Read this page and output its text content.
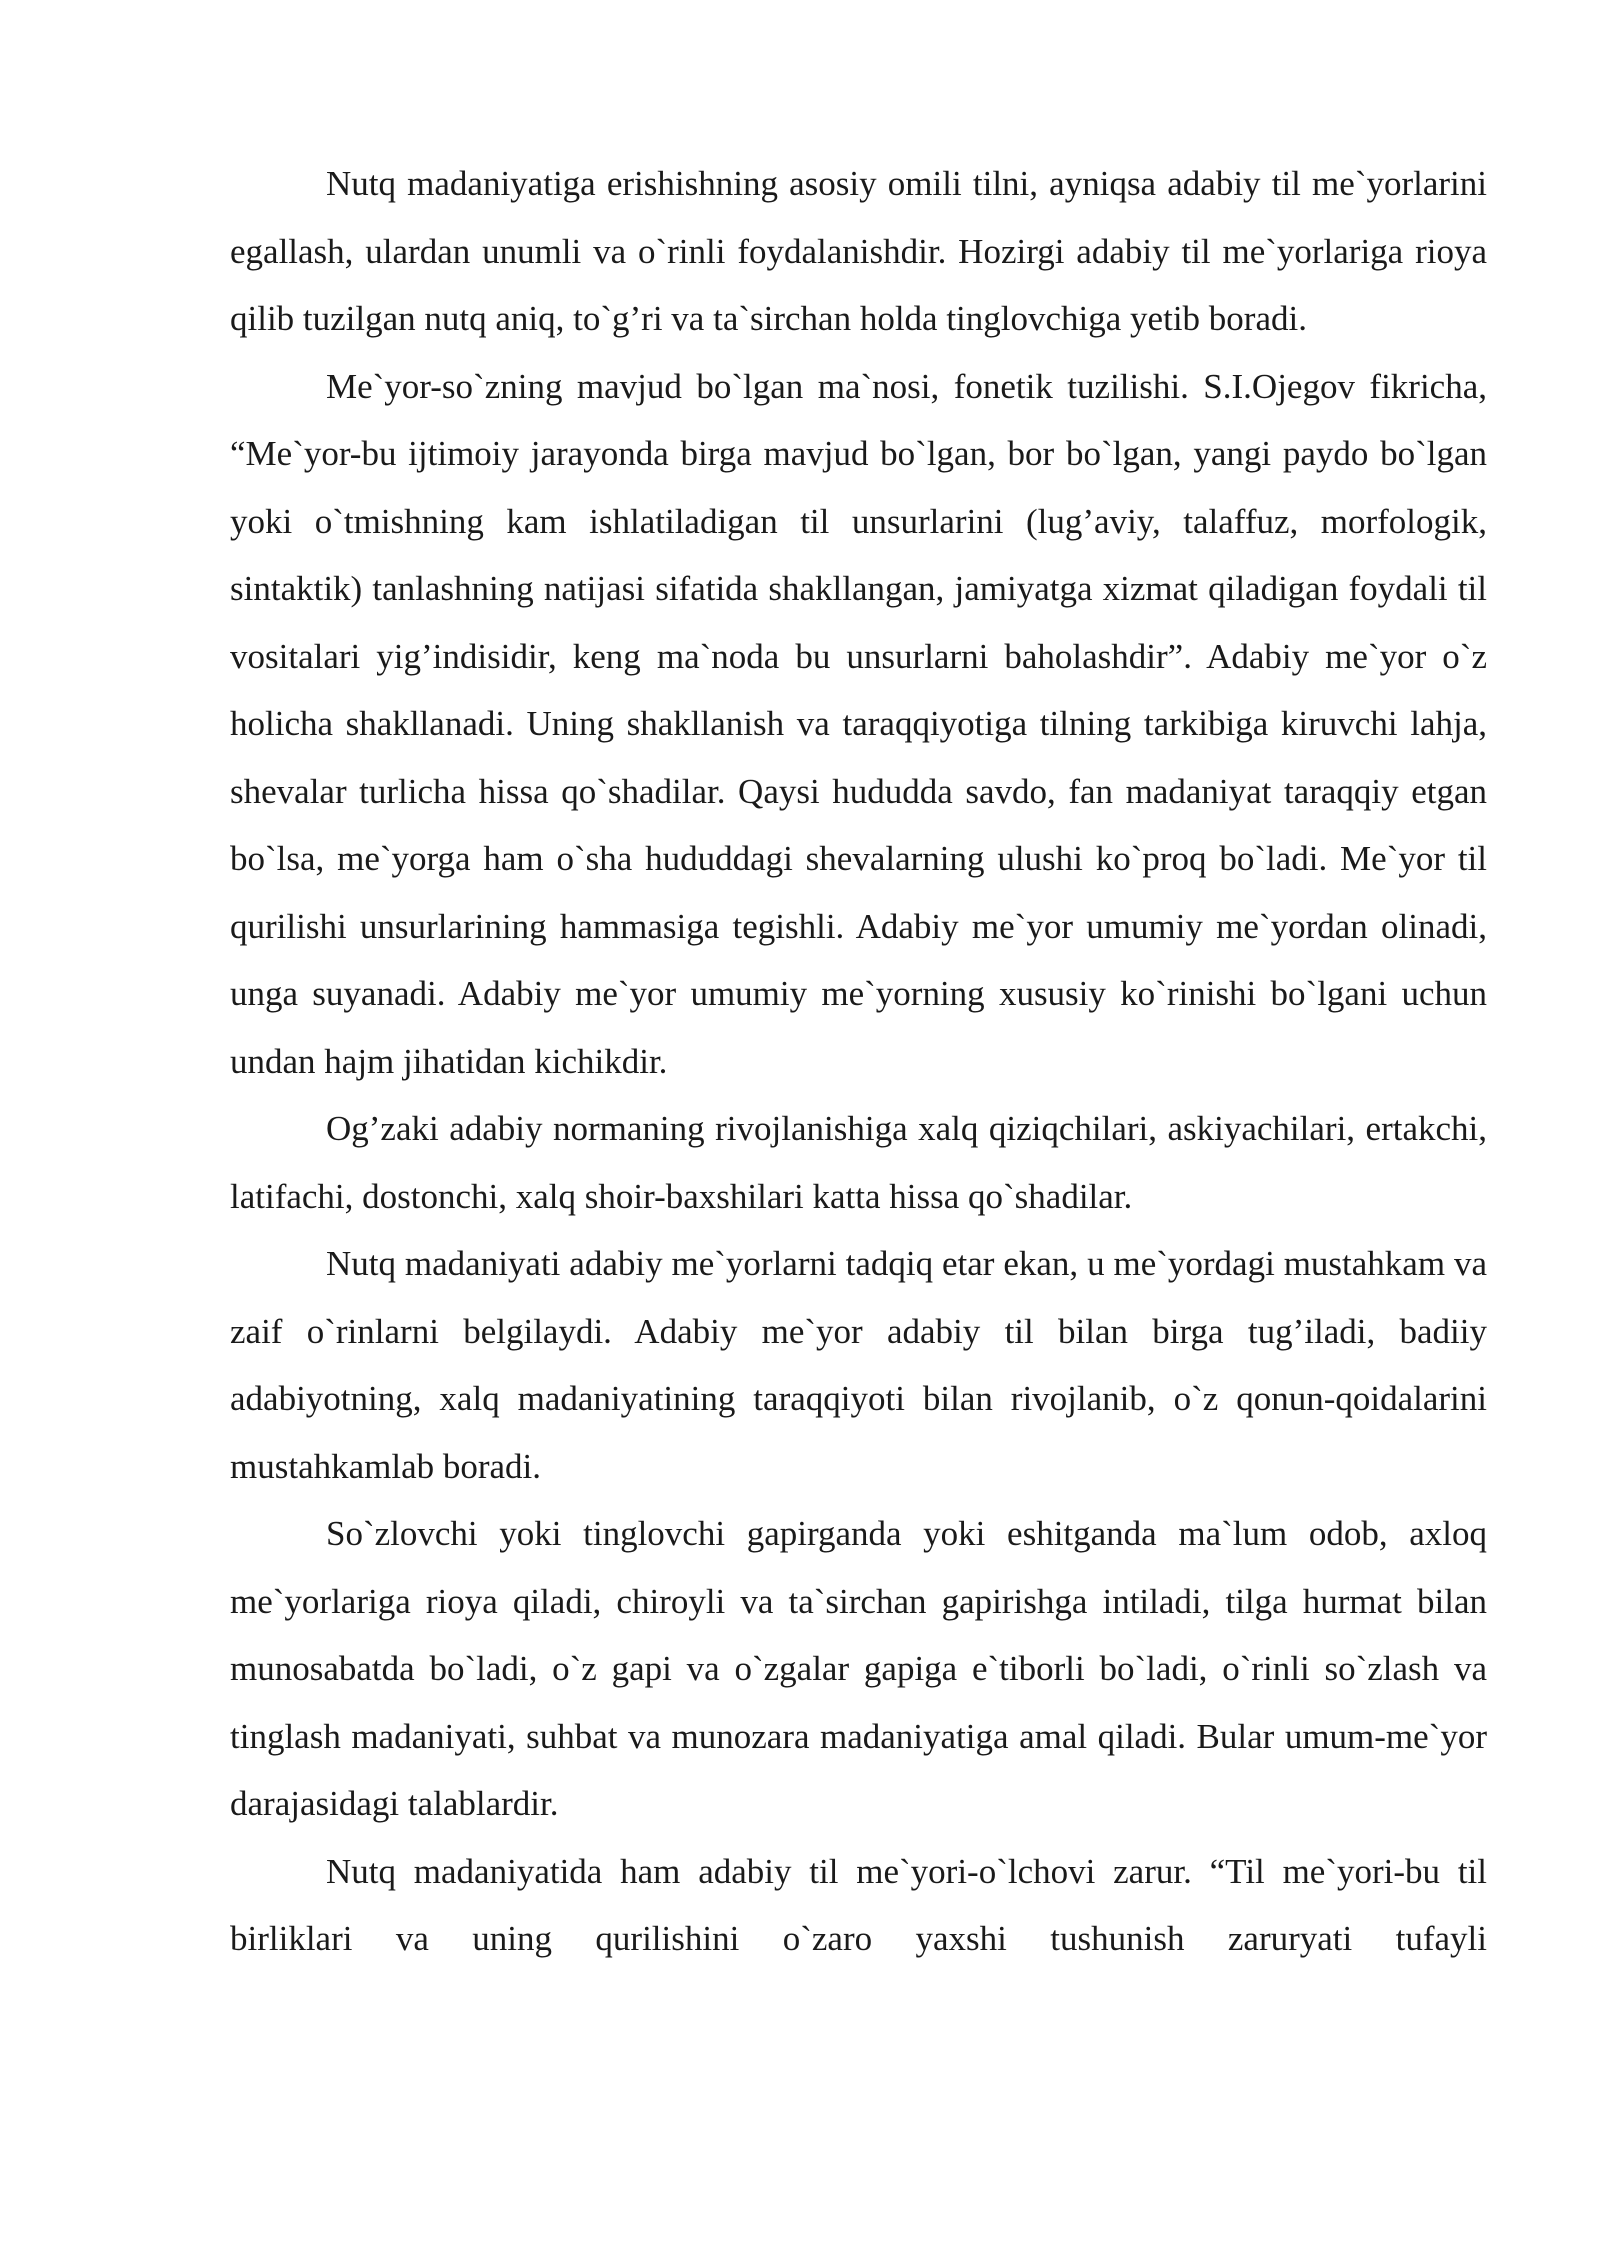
Nutq madaniyatiga erishishning asosiy omili tilni, ayniqsa adabiy til me`yorlarini egallash, ulardan unumli va o`rinli foydalanishdir. Hozirgi adabiy til me`yorlariga rioya qilib tuzilgan nutq aniq, to`g’ri va ta`sirchan holda tinglovchiga yetib boradi.

Me`yor-so`zning mavjud bo`lgan ma`nosi, fonetik tuzilishi. S.I.Ojegov fikricha, “Me`yor-bu ijtimoiy jarayonda birga mavjud bo`lgan, bor bo`lgan, yangi paydo bo`lgan yoki o`tmishning kam ishlatiladigan til unsurlarini (lug’aviy, talaffuz, morfologik, sintaktik) tanlashning natijasi sifatida shakllangan, jamiyatga xizmat qiladigan foydali til vositalari yig’indisidir, keng ma`noda bu unsurlarni baholashdir”. Adabiy me`yor o`z holicha shakllanadi. Uning shakllanish va taraqqiyotiga tilning tarkibiga kiruvchi lahja, shevalar turlicha hissa qo`shadilar. Qaysi hududda savdo, fan madaniyat taraqqiy etgan bo`lsa, me`yorga ham o`sha hududdagi shevalarning ulushi ko`proq bo`ladi. Me`yor til qurilishi unsurlarining hammasiga tegishli. Adabiy me`yor umumiy me`yordan olinadi, unga suyanadi. Adabiy me`yor umumiy me`yorning xususiy ko`rinishi bo`lgani uchun undan hajm jihatidan kichikdir.

Og’zaki adabiy normaning rivojlanishiga xalq qiziqchilari, askiyachilari, ertakchi, latifachi, dostonchi, xalq shoir-baxshilari katta hissa qo`shadilar.

Nutq madaniyati adabiy me`yorlarni tadqiq etar ekan, u me`yordagi mustahkam va zaif o`rinlarni belgilaydi. Adabiy me`yor adabiy til bilan birga tug’iladi, badiiy adabiyotning, xalq madaniyatining taraqqiyoti bilan rivojlanib, o`z qonun-qoidalarini mustahkamlab boradi.

So`zlovchi yoki tinglovchi gapirganda yoki eshitganda ma`lum odob, axloq me`yorlariga rioya qiladi, chiroyli va ta`sirchan gapirishga intiladi, tilga hurmat bilan munosabatda bo`ladi, o`z gapi va o`zgalar gapiga e`tiborli bo`ladi, o`rinli so`zlash va tinglash madaniyati, suhbat va munozara madaniyatiga amal qiladi. Bular umum-me`yor darajasidagi talablardir.

Nutq madaniyatida ham adabiy til me`yori-o`lchovi zarur. “Til me`yori-bu til birliklari va uning qurilishini o`zaro yaxshi tushunish zaruryati tufayli
